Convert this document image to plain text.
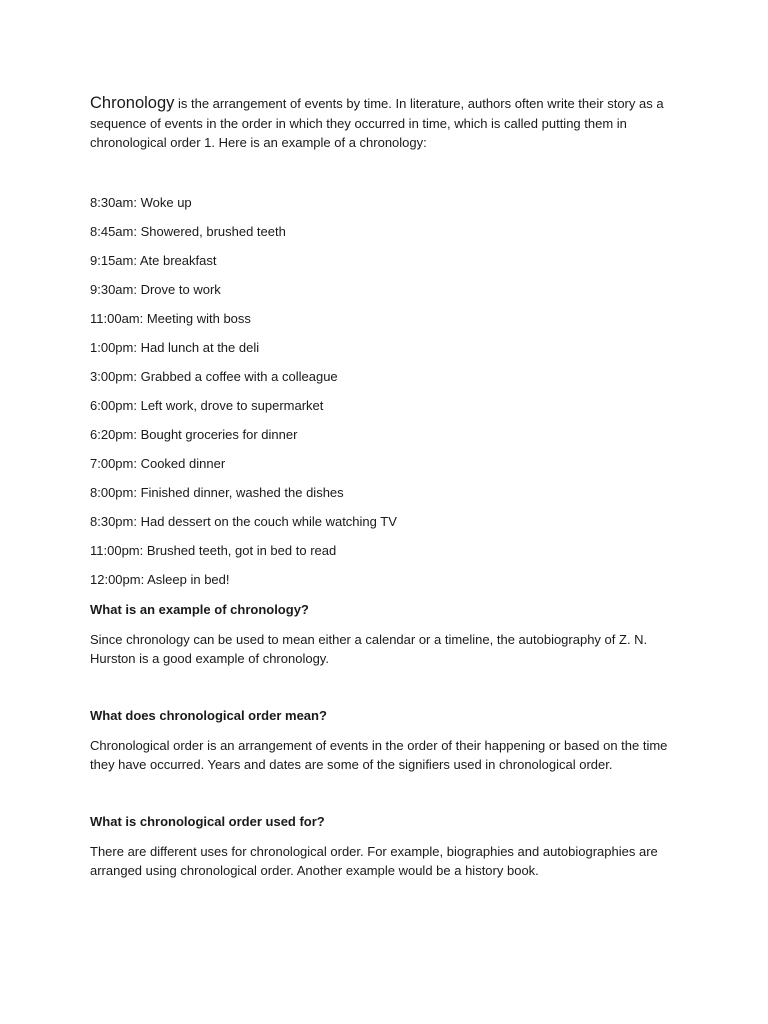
Chronology is the arrangement of events by time. In literature, authors often write their story as a sequence of events in the order in which they occurred in time, which is called putting them in chronological order 1. Here is an example of a chronology:

8:30am: Woke up
8:45am: Showered, brushed teeth
9:15am: Ate breakfast
9:30am: Drove to work
11:00am: Meeting with boss
1:00pm: Had lunch at the deli
3:00pm: Grabbed a coffee with a colleague
6:00pm: Left work, drove to supermarket
6:20pm: Bought groceries for dinner
7:00pm: Cooked dinner
8:00pm: Finished dinner, washed the dishes
8:30pm: Had dessert on the couch while watching TV
11:00pm: Brushed teeth, got in bed to read
12:00pm: Asleep in bed!
What is an example of chronology?

Since chronology can be used to mean either a calendar or a timeline, the autobiography of Z. N. Hurston is a good example of chronology.

What does chronological order mean?

Chronological order is an arrangement of events in the order of their happening or based on the time they have occurred. Years and dates are some of the signifiers used in chronological order.

What is chronological order used for?

There are different uses for chronological order. For example, biographies and autobiographies are arranged using chronological order. Another example would be a history book.
